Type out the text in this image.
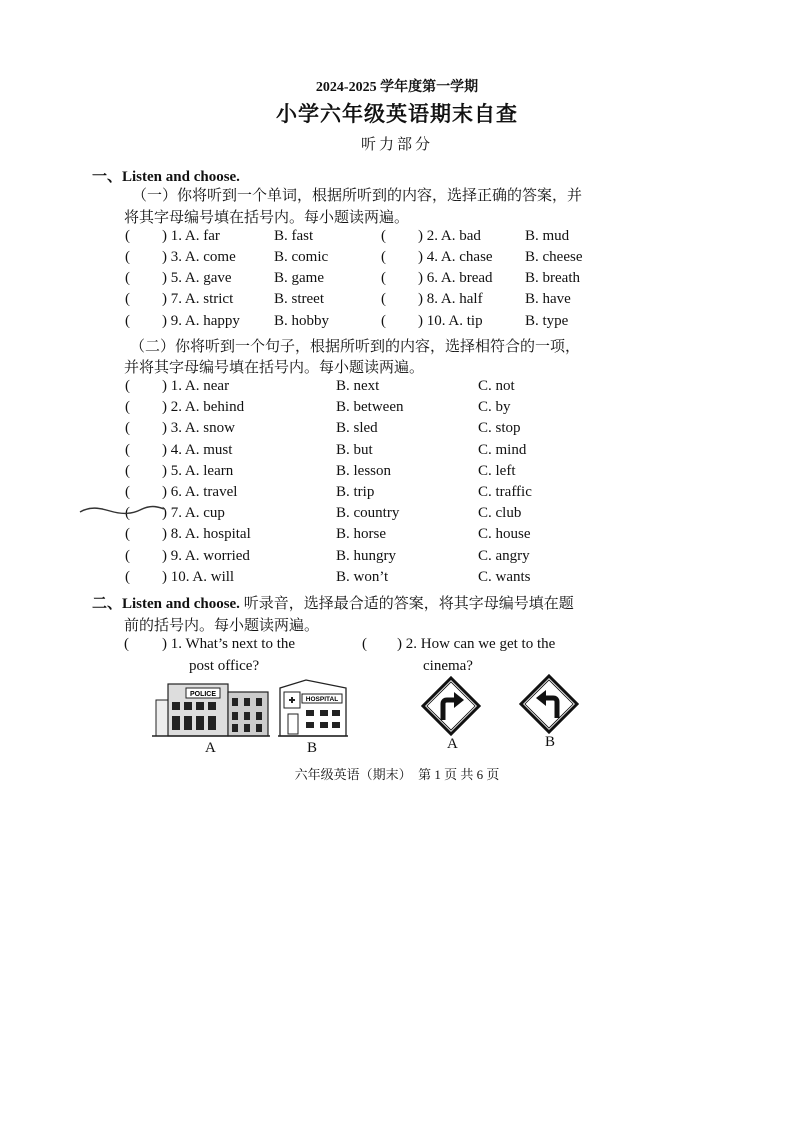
2024-2025 学年度第一学期
小学六年级英语期末自查
听力部分
一、Listen and choose.
（一）你将听到一个单词，根据所听到的内容，选择正确的答案，并
将其字母编号填在括号内。每小题读两遍。
( ) 1. A. far	B. fast	( ) 2. A. bad	B. mud
( ) 3. A. come	B. comic	( ) 4. A. chase B. cheese
( ) 5. A. gave	B. game	( ) 6. A. bread B. breath
( ) 7. A. strict	B. street	( ) 8. A. half	B. have
( ) 9. A. happy B. hobby	( ) 10. A. tip	B. type
（二）你将听到一个句子，根据所听到的内容，选择相符合的一项，
并将其字母编号填在括号内。每小题读两遍。
( ) 1. A. near	B. next	C. not
( ) 2. A. behind	B. between	C. by
( ) 3. A. snow	B. sled	C. stop
( ) 4. A. must	B. but	C. mind
( ) 5. A. learn	B. lesson	C. left
( ) 6. A. travel	B. trip	C. traffic
( ) 7. A. cup	B. country	C. club
( ) 8. A. hospital	B. horse	C. house
( ) 9. A. worried	B. hungry	C. angry
( ) 10. A. will	B. won’t	C. wants
二、Listen and choose. 听录音，选择最合适的答案，将其字母编号填在题
前的括号内。每小题读两遍。
( ) 1. What’s next to the
post office?
( ) 2. How can we get to the
cinema?
POLICE
A
HOSPITAL
B	A	B
六年级英语（期末）　第 1 页 共 6 页
